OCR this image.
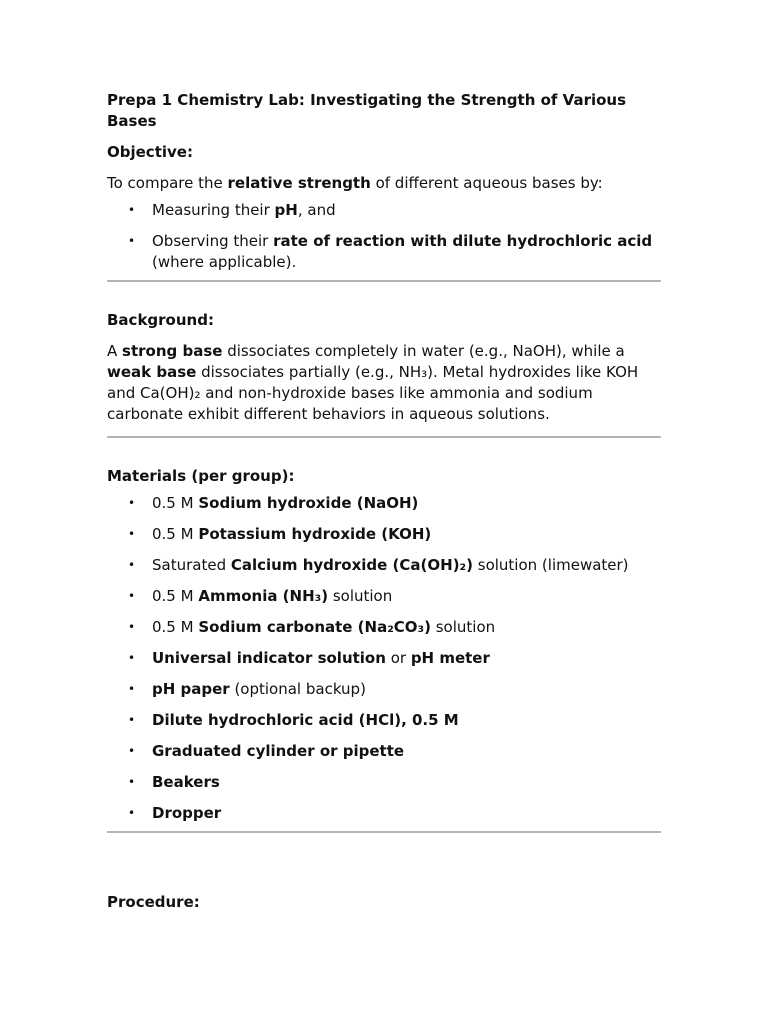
Prepa 1 Chemistry Lab: Investigating the Strength of Various Bases
Objective:

To compare the relative strength of different aqueous bases by:

• Measuring their pH, and
• Observing their rate of reaction with dilute hydrochloric acid (where applicable).
Background:

A strong base dissociates completely in water (e.g., NaOH), while a weak base dissociates partially (e.g., NH₃). Metal hydroxides like KOH and Ca(OH)₂ and non-hydroxide bases like ammonia and sodium carbonate exhibit different behaviors in aqueous solutions.

Materials (per group):
• 0.5 M Sodium hydroxide (NaOH)
• 0.5 M Potassium hydroxide (KOH)
• Saturated Calcium hydroxide (Ca(OH)₂) solution (limewater)
• 0.5 M Ammonia (NH₃) solution
• 0.5 M Sodium carbonate (Na₂CO₃) solution
• Universal indicator solution or pH meter
• pH paper (optional backup)
• Dilute hydrochloric acid (HCl), 0.5 M
• Graduated cylinder or pipette
• Beakers
• Dropper
Procedure:
